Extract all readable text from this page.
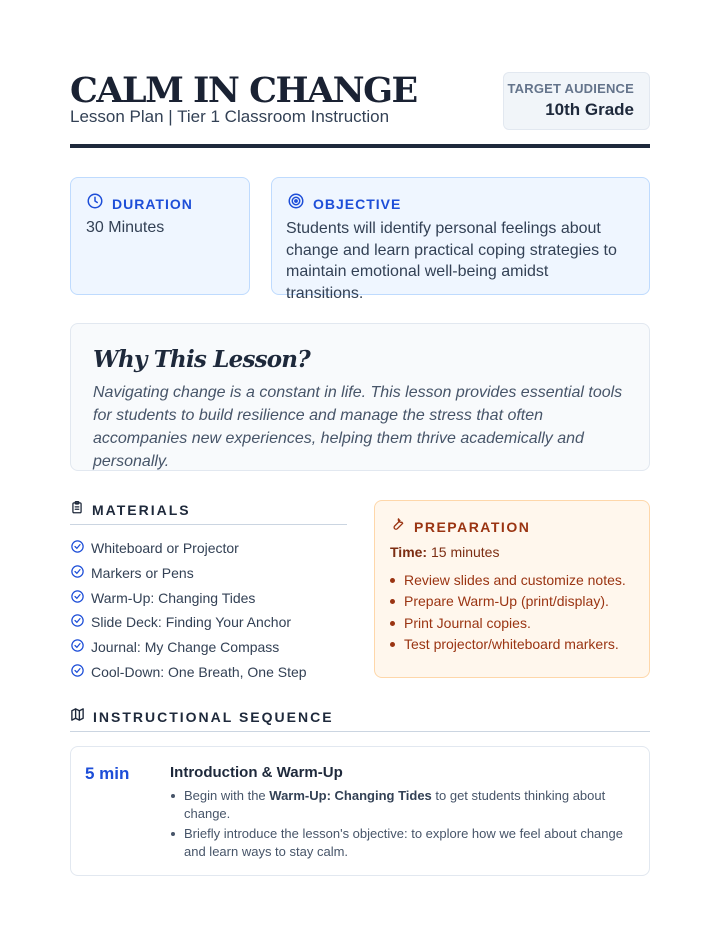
CALM IN CHANGE
Lesson Plan | Tier 1 Classroom Instruction
TARGET AUDIENCE
10th Grade
DURATION
30 Minutes
OBJECTIVE
Students will identify personal feelings about change and learn practical coping strategies to maintain emotional well-being amidst transitions.
Why This Lesson?

Navigating change is a constant in life. This lesson provides essential tools for students to build resilience and manage the stress that often accompanies new experiences, helping them thrive academically and personally.

MATERIALS
Whiteboard or Projector
Markers or Pens
Warm-Up: Changing Tides
Slide Deck: Finding Your Anchor
Journal: My Change Compass
Cool-Down: One Breath, One Step
PREPARATION
Time: 15 minutes
Review slides and customize notes.
Prepare Warm-Up (print/display).
Print Journal copies.
Test projector/whiteboard markers.
INSTRUCTIONAL SEQUENCE
5 min	Introduction & Warm-Up
Begin with the Warm-Up: Changing Tides to get students thinking about change.
Briefly introduce the lesson's objective: to explore how we feel about change and learn ways to stay calm.
